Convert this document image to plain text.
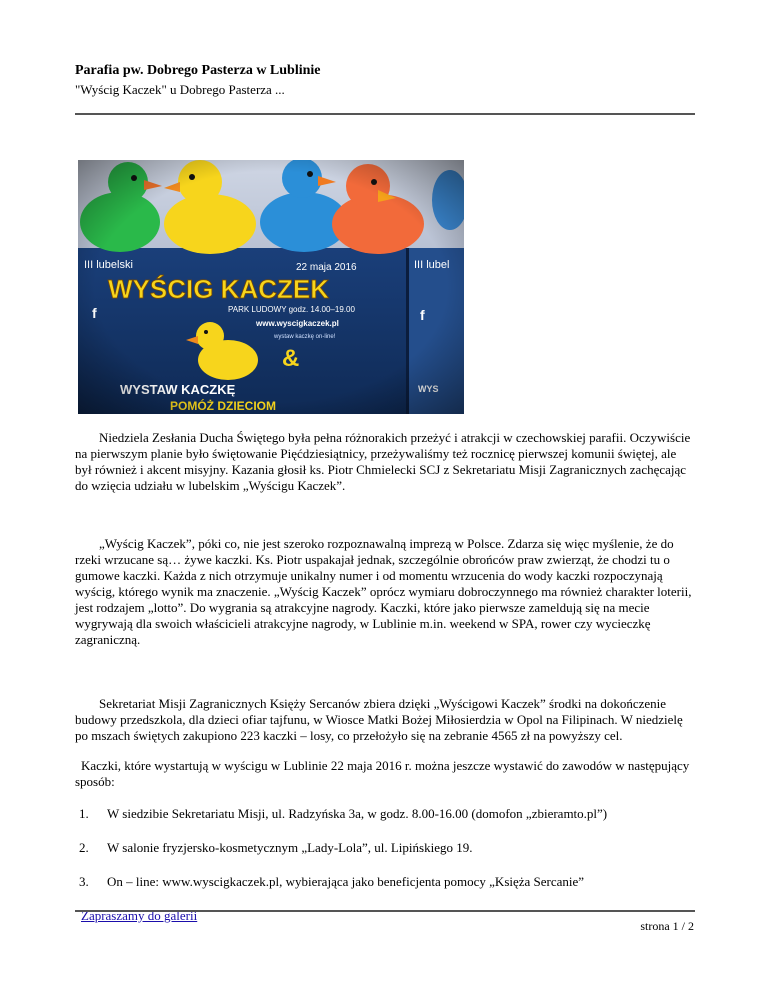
Parafia pw. Dobrego Pasterza w Lublinie
"Wyścig Kaczek" u Dobrego Pasterza ...

Niedziela Zesłania Ducha Świętego była pełna różnorakich przeżyć i atrakcji w czechowskiej parafii. Oczywiście na pierwszym planie było świętowanie Pięćdziesiątnicy, przeżywaliśmy też rocznicę pierwszej komunii świętej, ale był również i akcent misyjny. Kazania głosił ks. Piotr Chmielecki SCJ z Sekretariatu Misji Zagranicznych zachęcając do wzięcia udziału w lubelskim „Wyścigu Kaczek”.

„Wyścig Kaczek”, póki co, nie jest szeroko rozpoznawalną imprezą w Polsce. Zdarza się więc myślenie, że do rzeki wrzucane są… żywe kaczki. Ks. Piotr uspakajał jednak, szczególnie obrońców praw zwierząt, że chodzi tu o gumowe kaczki. Każda z nich otrzymuje unikalny numer i od momentu wrzucenia do wody kaczki rozpoczynają wyścig, którego wynik ma znaczenie. „Wyścig Kaczek” oprócz wymiaru dobroczynnego ma również charakter loterii, jest rodzajem „lotto”. Do wygrania są atrakcyjne nagrody. Kaczki, które jako pierwsze zameldują się na mecie wygrywają dla swoich właścicieli atrakcyjne nagrody, w Lublinie m.in. weekend w SPA, rower czy wycieczkę zagraniczną.

Sekretariat Misji Zagranicznych Księży Sercanów zbiera dzięki „Wyścigowi Kaczek” środki na dokończenie budowy przedszkola, dla dzieci ofiar tajfunu, w Wiosce Matki Bożej Miłosierdzia w Opol na Filipinach. W niedzielę po mszach świętych zakupiono 223 kaczki – losy, co przełożyło się na zebranie 4565 zł na powyższy cel.

Kaczki, które wystartują w wyścigu w Lublinie 22 maja 2016 r. można jeszcze wystawić do zawodów w następujący sposób:

1.	W siedzibie Sekretariatu Misji, ul. Radzyńska 3a, w godz. 8.00-16.00 (domofon „zbieramto.pl”)
2.	W salonie fryzjersko-kosmetycznym „Lady-Lola”, ul. Lipińskiego 19.
3.	On – line: www.wyscigkaczek.pl, wybierająca jako beneficjenta pomocy „Księża Sercanie”
Zapraszamy do galerii
strona 1 / 2
